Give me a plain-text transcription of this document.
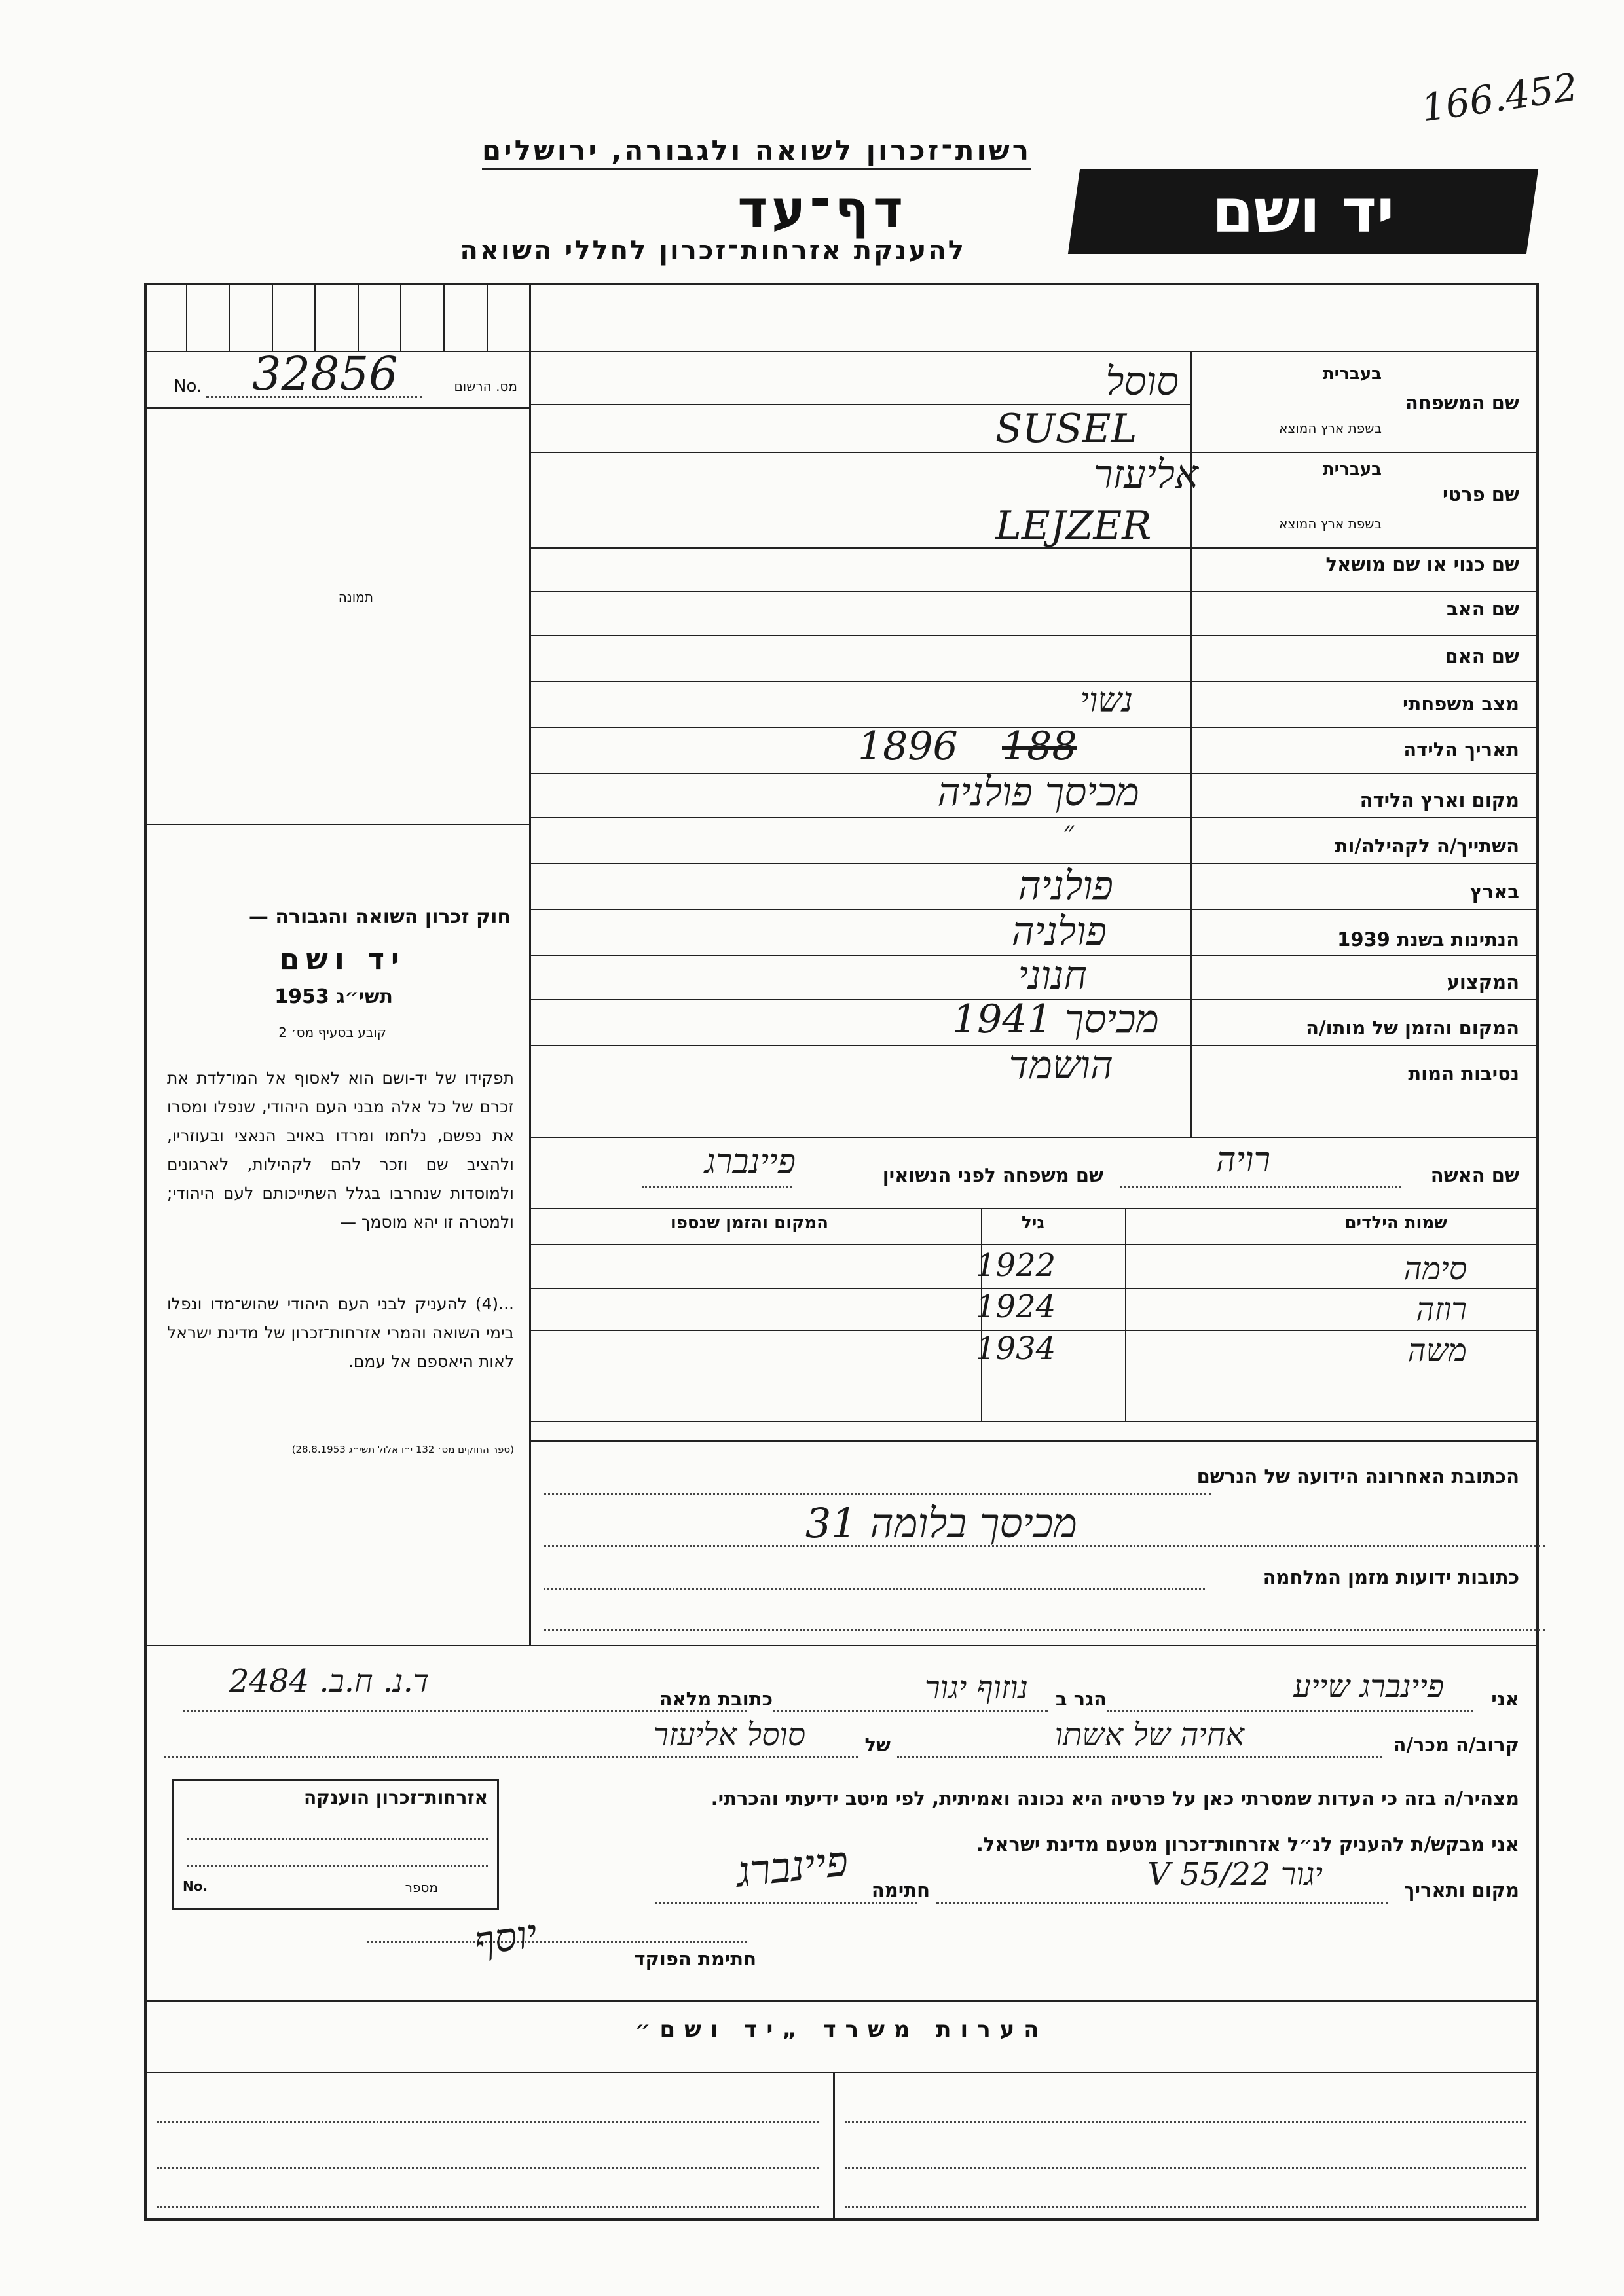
166.452
רשות־זכרון לשואה ולגבורה, ירושלים
דף־עד
להענקת אזרחות־זכרון לחללי השואה
יד ושם
No. 32856	מס. הרשום
תמונה
חוק זכרון השואה והגבורה —
יד ושם
תשי״ג 1953
קובע בסעיף מס׳ 2
תפקידו של יד-ושם הוא לאסוף אל המו־לדת את זכרם של כל אלה מבני העם היהודי, שנפלו ומסרו את נפשם, נלחמו ומרדו באויב הנאצי ובעוזריו, ולהציב שם וזכר להם לקהילות, לארגונים ולמוסדות שנחרבו בגלל השתייכותם לעם היהודי; ולמטרה זו יהא מוסמך —
...(4) להעניק לבני העם היהודי שהוש־מדו ונפלו בימי השואה והמרי אזרחות־זכרון של מדינת ישראל לאות היאספם אל עמם.
(ספר החוקים מס׳ 132 י״ו אלול תשי״ג 28.8.1953)
שם המשפחה
בעברית
בשפת ארץ המוצא
סוסל
SUSEL
שם פרטי
בעברית
בשפת ארץ המוצא
אליעזר
LEJZER
שם כנוי או שם מושאל
שם האב
שם האם
מצב משפחתי
נשוי
תאריך הלידה
1896 188
מקום וארץ הלידה
מכיסך פולניה
השתייך/ה לקהילה/ות
״
בארץ
פולניה
הנתינות בשנת 1939
פולניה
המקצוע
חנוני
המקום והזמן של מותו/ה
מכיסך 1941
נסיבות המות
הושמד
שם האשה
רויה
שם משפחה לפני הנשואין
פיינברג
שמות הילדים
גיל
המקום והזמן שנספו
סימה
1922
רוזה
1924
משה
1934
הכתובת האחרונה הידועה של הנרשם
מכיסך בלומה 31
כתובות ידועות מזמן המלחמה
אני
פיינברג שייע
הגר ב
נוזוף יגור
כתובת מלאה
ד.נ. ח.ב. 2484
קרוב/ה מכר/ה
אחיה של אשתו
של
סוסל אליעזר
מצהיר/ה בזה כי העדות שמסרתי כאן על פרטיה היא נכונה ואמיתית, לפי מיטב ידיעתי והכרתי.
אני מבקש/ת להעניק לנ״ל אזרחות־זכרון מטעם מדינת ישראל.
מקום ותאריך
יגור 22/V 55
חתימה
פיינברג
חתימת הפוקד
יוסף
אזרחות־זכרון הוענקה
No.	מספר
הערות משרד „יד ושם״
